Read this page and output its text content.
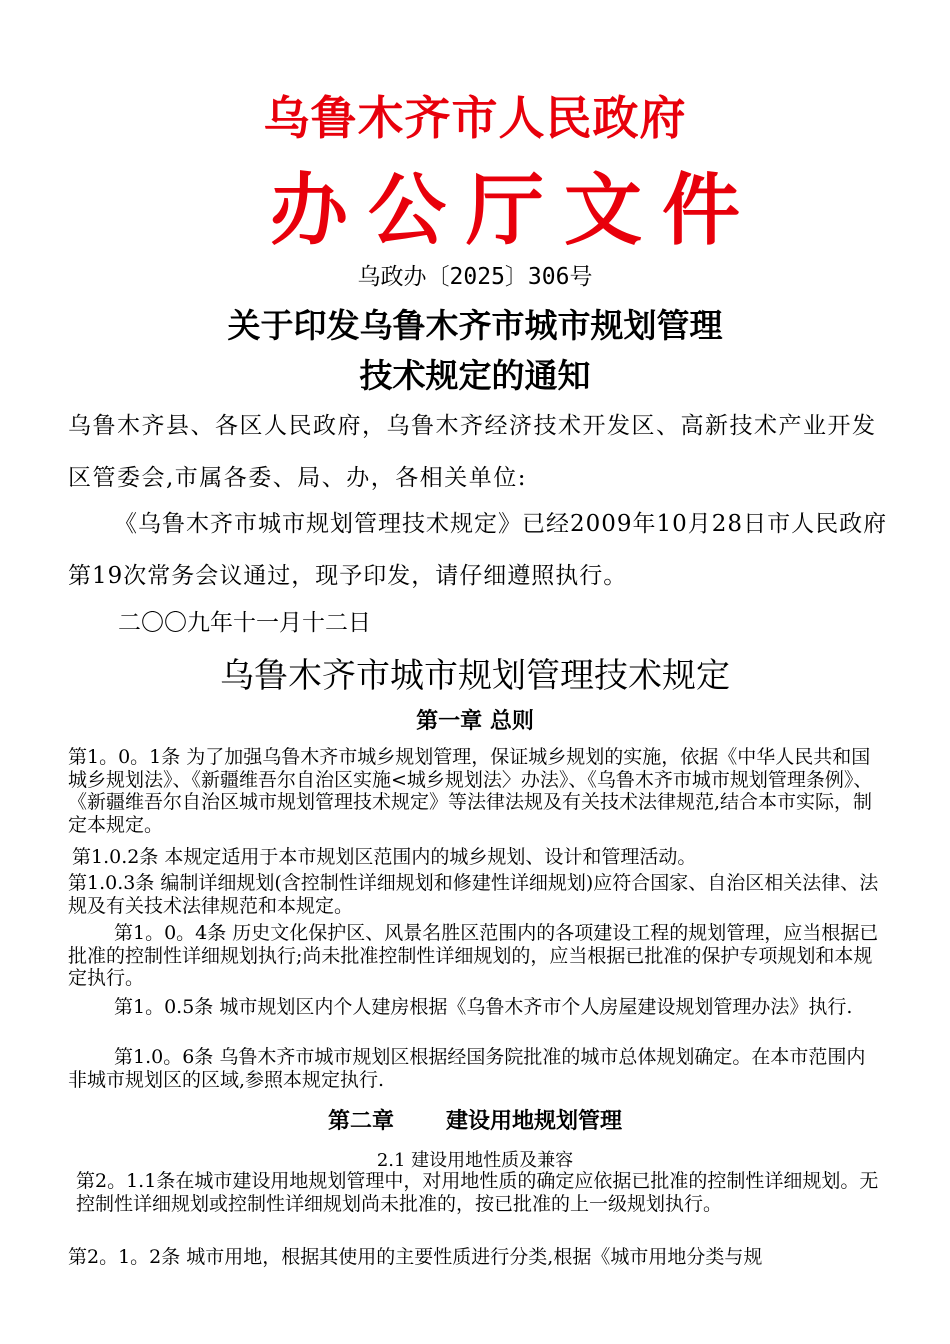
乌鲁木齐市人民政府
办公厅文件
乌政办〔2025〕306号
关于印发乌鲁木齐市城市规划管理
技术规定的通知
乌鲁木齐县、各区人民政府，乌鲁木齐经济技术开发区、高新技术产业开发区管委会,市属各委、局、办，各相关单位:
《乌鲁木齐市城市规划管理技术规定》已经2009年10月28日市人民政府第19次常务会议通过，现予印发，请仔细遵照执行。
二〇〇九年十一月十二日
乌鲁木齐市城市规划管理技术规定
第一章 总则
第1。0。1条 为了加强乌鲁木齐市城乡规划管理，保证城乡规划的实施，依据《中华人民共和国城乡规划法》、《新疆维吾尔自治区实施<城乡规划法〉办法》、《乌鲁木齐市城市规划管理条例》、《新疆维吾尔自治区城市规划管理技术规定》等法律法规及有关技术法律规范,结合本市实际，制定本规定。
第1.0.2条 本规定适用于本市规划区范围内的城乡规划、设计和管理活动。
第1.0.3条 编制详细规划(含控制性详细规划和修建性详细规划)应符合国家、自治区相关法律、法规及有关技术法律规范和本规定。
第1。0。4条 历史文化保护区、风景名胜区范围内的各项建设工程的规划管理，应当根据已批准的控制性详细规划执行;尚未批准控制性详细规划的，应当根据已批准的保护专项规划和本规定执行。
第1。0.5条 城市规划区内个人建房根据《乌鲁木齐市个人房屋建设规划管理办法》执行.
第1.0。6条 乌鲁木齐市城市规划区根据经国务院批准的城市总体规划确定。在本市范围内非城市规划区的区域,参照本规定执行.
第二章 建设用地规划管理
2.1 建设用地性质及兼容
第2。1.1条在城市建设用地规划管理中，对用地性质的确定应依据已批准的控制性详细规划。无控制性详细规划或控制性详细规划尚未批准的，按已批准的上一级规划执行。
第2。1。2条 城市用地，根据其使用的主要性质进行分类,根据《城市用地分类与规
